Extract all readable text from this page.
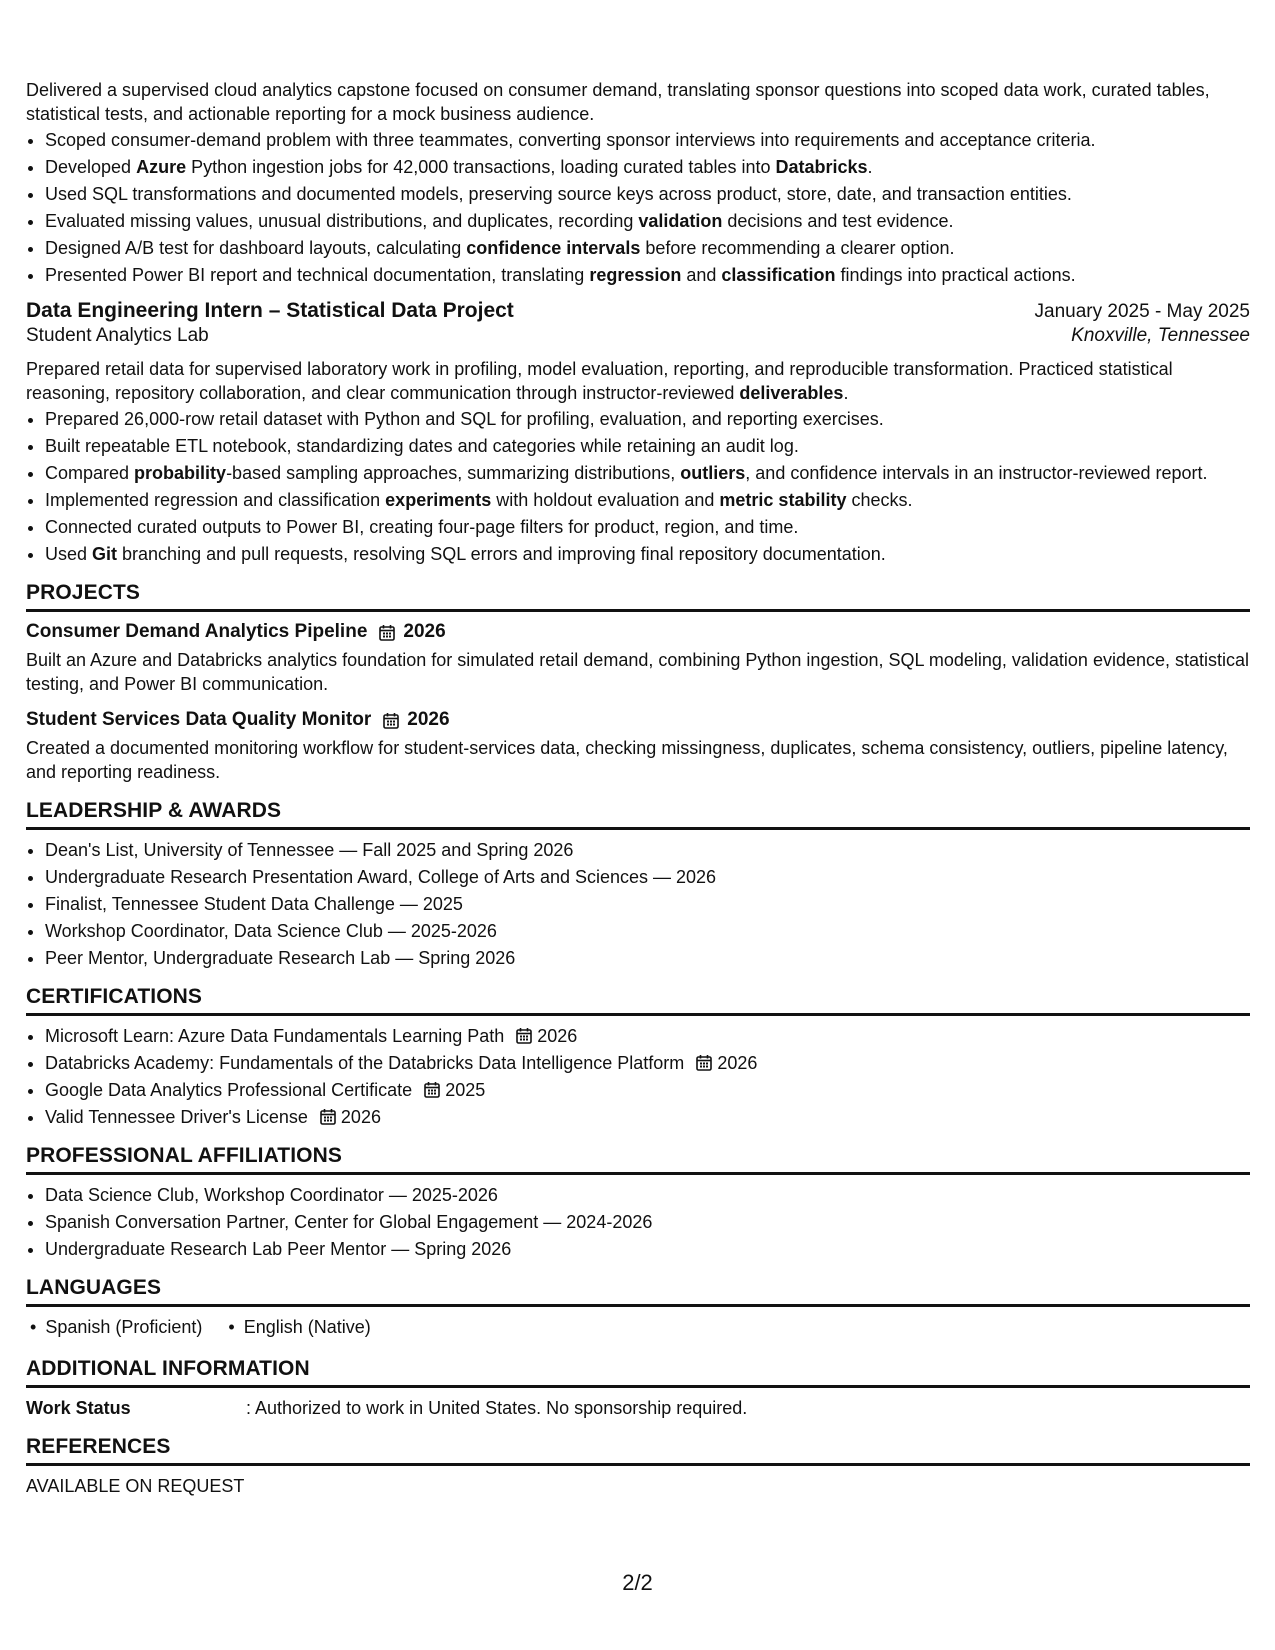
Delivered a supervised cloud analytics capstone focused on consumer demand, translating sponsor questions into scoped data work, curated tables, statistical tests, and actionable reporting for a mock business audience.

• Scoped consumer-demand problem with three teammates, converting sponsor interviews into requirements and acceptance criteria.
• Developed Azure Python ingestion jobs for 42,000 transactions, loading curated tables into Databricks.
• Used SQL transformations and documented models, preserving source keys across product, store, date, and transaction entities.
• Evaluated missing values, unusual distributions, and duplicates, recording validation decisions and test evidence.
• Designed A/B test for dashboard layouts, calculating confidence intervals before recommending a clearer option.
• Presented Power BI report and technical documentation, translating regression and classification findings into practical actions.
Data Engineering Intern – Statistical Data Project	January 2025 - May 2025
Student Analytics Lab	Knoxville, Tennessee

Prepared retail data for supervised laboratory work in profiling, model evaluation, reporting, and reproducible transformation. Practiced statistical reasoning, repository collaboration, and clear communication through instructor-reviewed deliverables.

• Prepared 26,000-row retail dataset with Python and SQL for profiling, evaluation, and reporting exercises.
• Built repeatable ETL notebook, standardizing dates and categories while retaining an audit log.
• Compared probability-based sampling approaches, summarizing distributions, outliers, and confidence intervals in an instructor-reviewed report.
• Implemented regression and classification experiments with holdout evaluation and metric stability checks.
• Connected curated outputs to Power BI, creating four-page filters for product, region, and time.
• Used Git branching and pull requests, resolving SQL errors and improving final repository documentation.
PROJECTS
Consumer Demand Analytics Pipeline 2026

Built an Azure and Databricks analytics foundation for simulated retail demand, combining Python ingestion, SQL modeling, validation evidence, statistical testing, and Power BI communication.

Student Services Data Quality Monitor 2026

Created a documented monitoring workflow for student-services data, checking missingness, duplicates, schema consistency, outliers, pipeline latency, and reporting readiness.

LEADERSHIP & AWARDS
• Dean's List, University of Tennessee — Fall 2025 and Spring 2026
• Undergraduate Research Presentation Award, College of Arts and Sciences — 2026
• Finalist, Tennessee Student Data Challenge — 2025
• Workshop Coordinator, Data Science Club — 2025-2026
• Peer Mentor, Undergraduate Research Lab — Spring 2026
CERTIFICATIONS
• Microsoft Learn: Azure Data Fundamentals Learning Path 2026
• Databricks Academy: Fundamentals of the Databricks Data Intelligence Platform 2026
• Google Data Analytics Professional Certificate 2025
• Valid Tennessee Driver's License 2026
PROFESSIONAL AFFILIATIONS
• Data Science Club, Workshop Coordinator — 2025-2026
• Spanish Conversation Partner, Center for Global Engagement — 2024-2026
• Undergraduate Research Lab Peer Mentor — Spring 2026
LANGUAGES
• Spanish (Proficient)
•	English (Native)
ADDITIONAL INFORMATION
Work Status	: Authorized to work in United States. No sponsorship required.
REFERENCES

AVAILABLE ON REQUEST

2/2
